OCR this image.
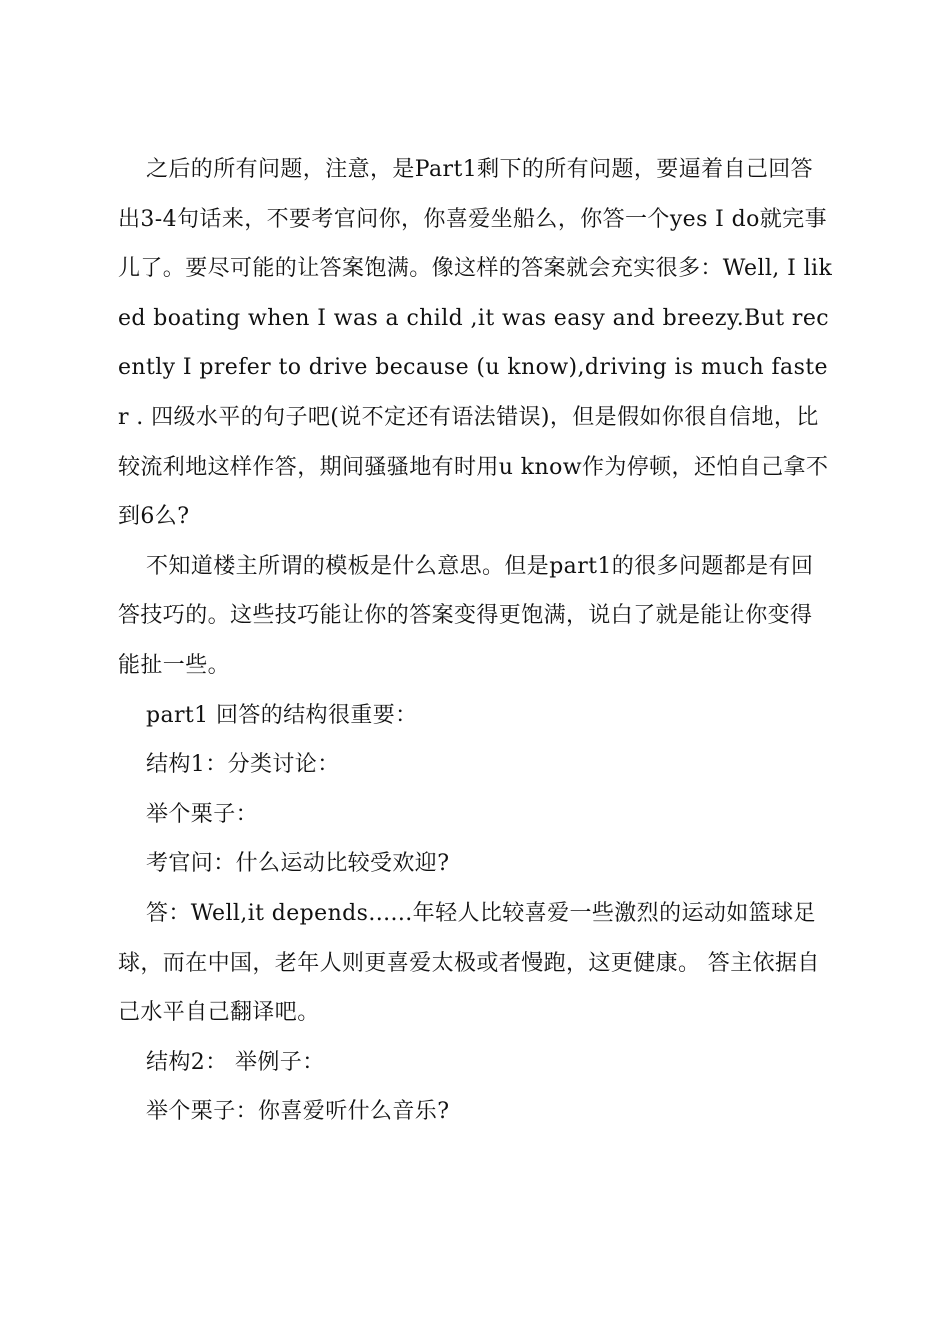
之后的所有问题，注意，是Part1剩下的所有问题，要逼着自己回答出3-4句话来，不要考官问你，你喜爱坐船么，你答一个yes I do就完事儿了。要尽可能的让答案饱满。像这样的答案就会充实很多：Well, I liked boating when I was a child ,it was easy and breezy.But recently I prefer to drive because (u know),driving is much faster . 四级水平的句子吧(说不定还有语法错误)，但是假如你很自信地，比较流利地这样作答，期间骚骚地有时用u know作为停顿，还怕自己拿不到6么?

不知道楼主所谓的模板是什么意思。但是part1的很多问题都是有回答技巧的。这些技巧能让你的答案变得更饱满，说白了就是能让你变得能扯一些。

part1 回答的结构很重要：

结构1：分类讨论：

举个栗子：

考官问：什么运动比较受欢迎?

答：Well,it depends......年轻人比较喜爱一些激烈的运动如篮球足球，而在中国，老年人则更喜爱太极或者慢跑，这更健康。 答主依据自己水平自己翻译吧。

结构2： 举例子：

举个栗子：你喜爱听什么音乐?
